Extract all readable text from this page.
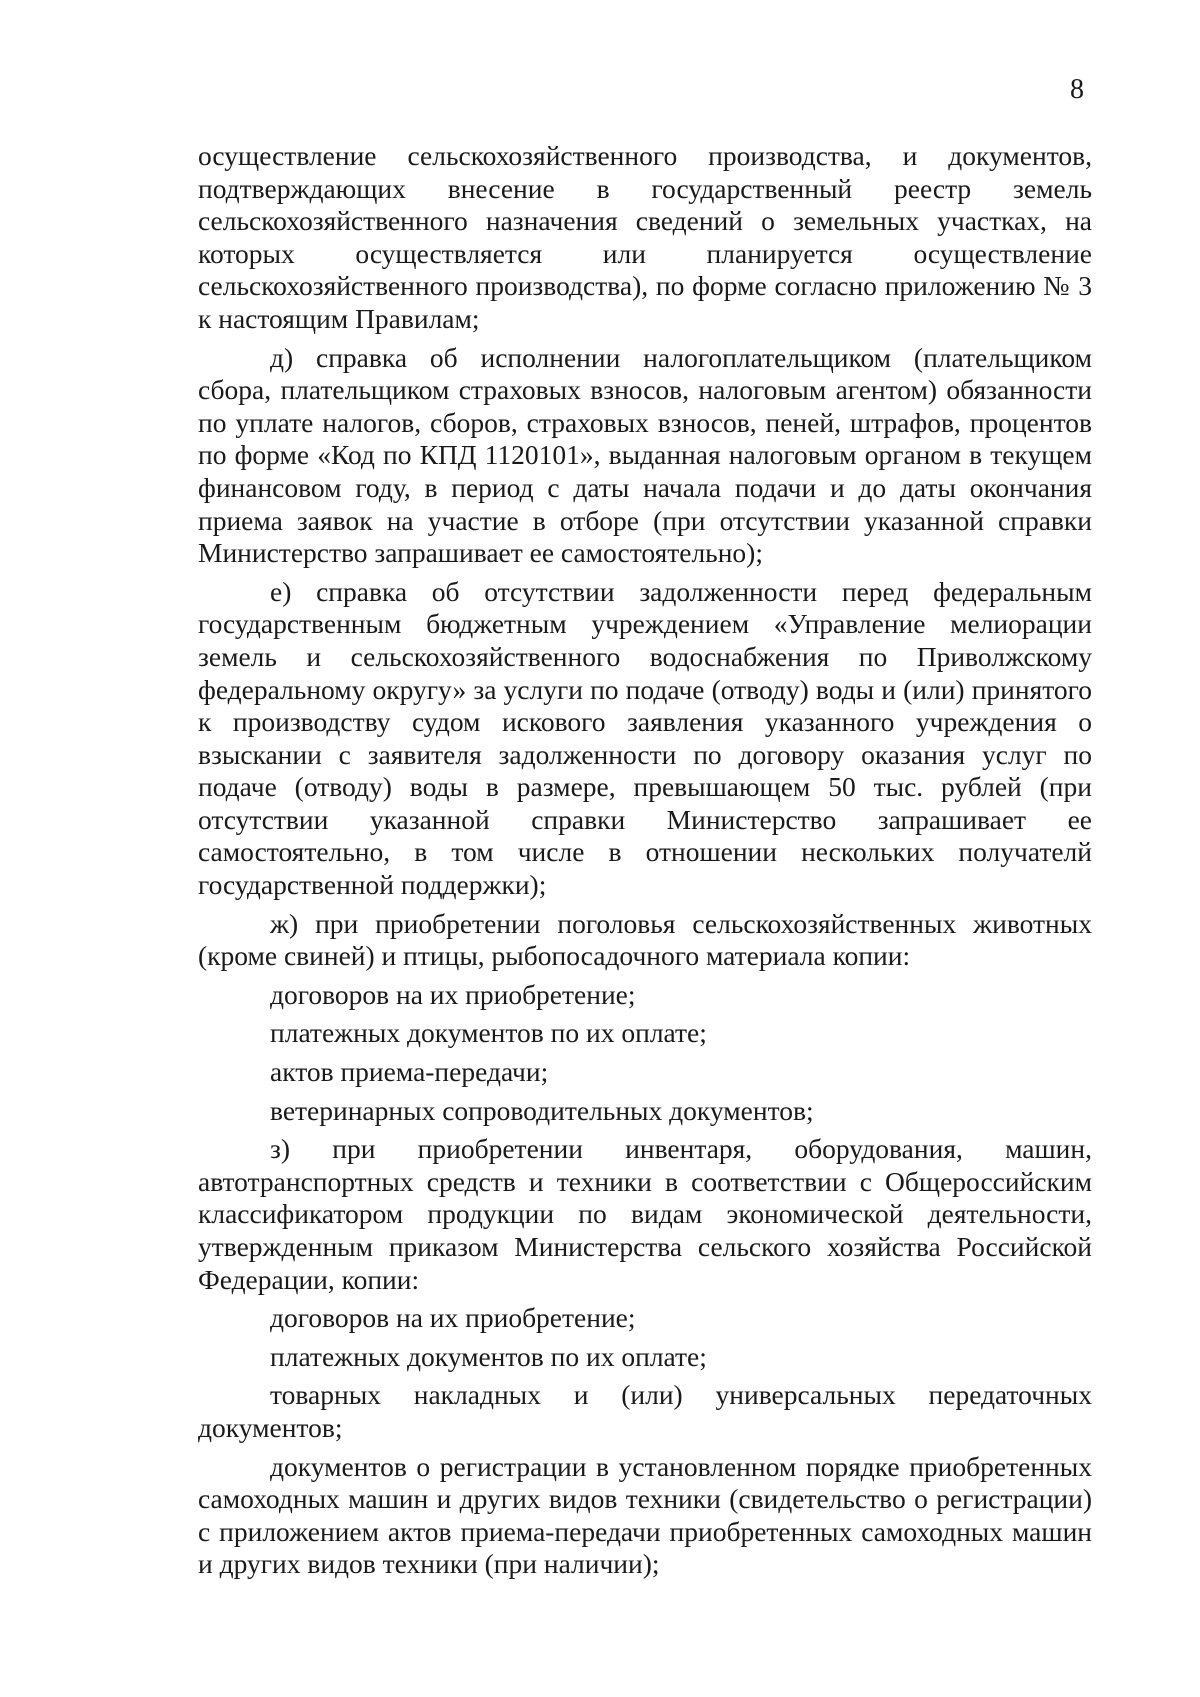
8

осуществление сельскохозяйственного производства, и документов, подтверждающих внесение в государственный реестр земель сельскохозяйственного назначения сведений о земельных участках, на которых осуществляется или планируется осуществление сельскохозяйственного производства), по форме согласно приложению № 3 к настоящим Правилам;

д) справка об исполнении налогоплательщиком (плательщиком сбора, плательщиком страховых взносов, налоговым агентом) обязанности по уплате налогов, сборов, страховых взносов, пеней, штрафов, процентов по форме «Код по КПД 1120101», выданная налоговым органом в текущем финансовом году, в период с даты начала подачи и до даты окончания приема заявок на участие в отборе (при отсутствии указанной справки Министерство запрашивает ее самостоятельно);

е) справка об отсутствии задолженности перед федеральным государственным бюджетным учреждением «Управление мелиорации земель и сельскохозяйственного водоснабжения по Приволжскому федеральному округу» за услуги по подаче (отводу) воды и (или) принятого к производству судом искового заявления указанного учреждения о взыскании с заявителя задолженности по договору оказания услуг по подаче (отводу) воды в размере, превышающем 50 тыс. рублей (при отсутствии указанной справки Министерство запрашивает ее самостоятельно, в том числе в отношении нескольких получателй государственной поддержки);

ж) при приобретении поголовья сельскохозяйственных животных (кроме свиней) и птицы, рыбопосадочного материала копии:

договоров на их приобретение;

платежных документов по их оплате;

актов приема-передачи;

ветеринарных сопроводительных документов;

з) при приобретении инвентаря, оборудования, машин, автотранспортных средств и техники в соответствии с Общероссийским классификатором продукции по видам экономической деятельности, утвержденным приказом Министерства сельского хозяйства Российской Федерации, копии:

договоров на их приобретение;

платежных документов по их оплате;

товарных накладных и (или) универсальных передаточных документов;

документов о регистрации в установленном порядке приобретенных самоходных машин и других видов техники (свидетельство о регистрации) с приложением актов приема-передачи приобретенных самоходных машин и других видов техники (при наличии);
